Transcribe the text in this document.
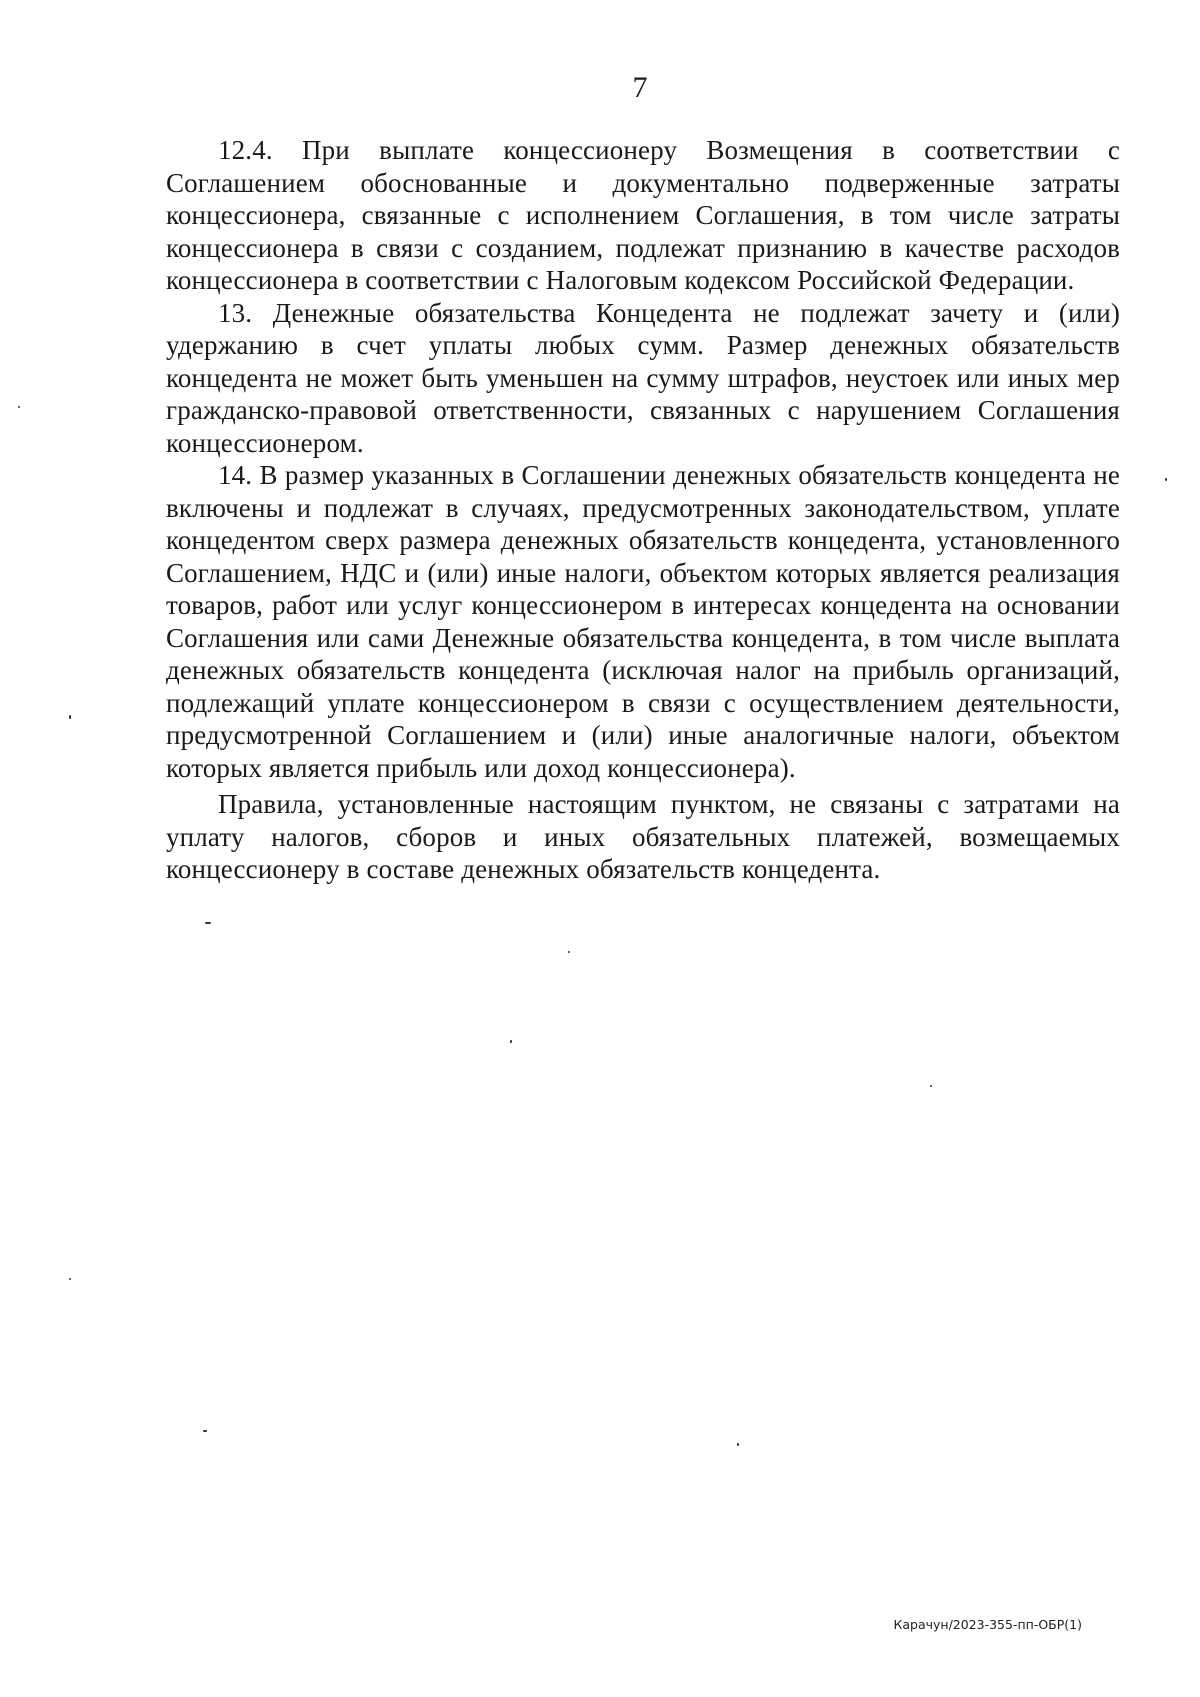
7

12.4. При выплате концессионеру Возмещения в соответствии с Соглашением обоснованные и документально подверженные затраты концессионера, связанные с исполнением Соглашения, в том числе затраты концессионера в связи с созданием, подлежат признанию в качестве расходов концессионера в соответствии с Налоговым кодексом Российской Федерации.

13. Денежные обязательства Концедента не подлежат зачету и (или) удержанию в счет уплаты любых сумм. Размер денежных обязательств концедента не может быть уменьшен на сумму штрафов, неустоек или иных мер гражданско-правовой ответственности, связанных с нарушением Соглашения концессионером.

14. В размер указанных в Соглашении денежных обязательств концедента не включены и подлежат в случаях, предусмотренных законодательством, уплате концедентом сверх размера денежных обязательств концедента, установленного Соглашением, НДС и (или) иные налоги, объектом которых является реализация товаров, работ или услуг концессионером в интересах концедента на основании Соглашения или сами Денежные обязательства концедента, в том числе выплата денежных обязательств концедента (исключая налог на прибыль организаций, подлежащий уплате концессионером в связи с осуществлением деятельности, предусмотренной Соглашением и (или) иные аналогичные налоги, объектом которых является прибыль или доход концессионера).

Правила, установленные настоящим пунктом, не связаны с затратами на уплату налогов, сборов и иных обязательных платежей, возмещаемых концессионеру в составе денежных обязательств концедента.

Карачун/2023-355-пп-ОБР(1)
